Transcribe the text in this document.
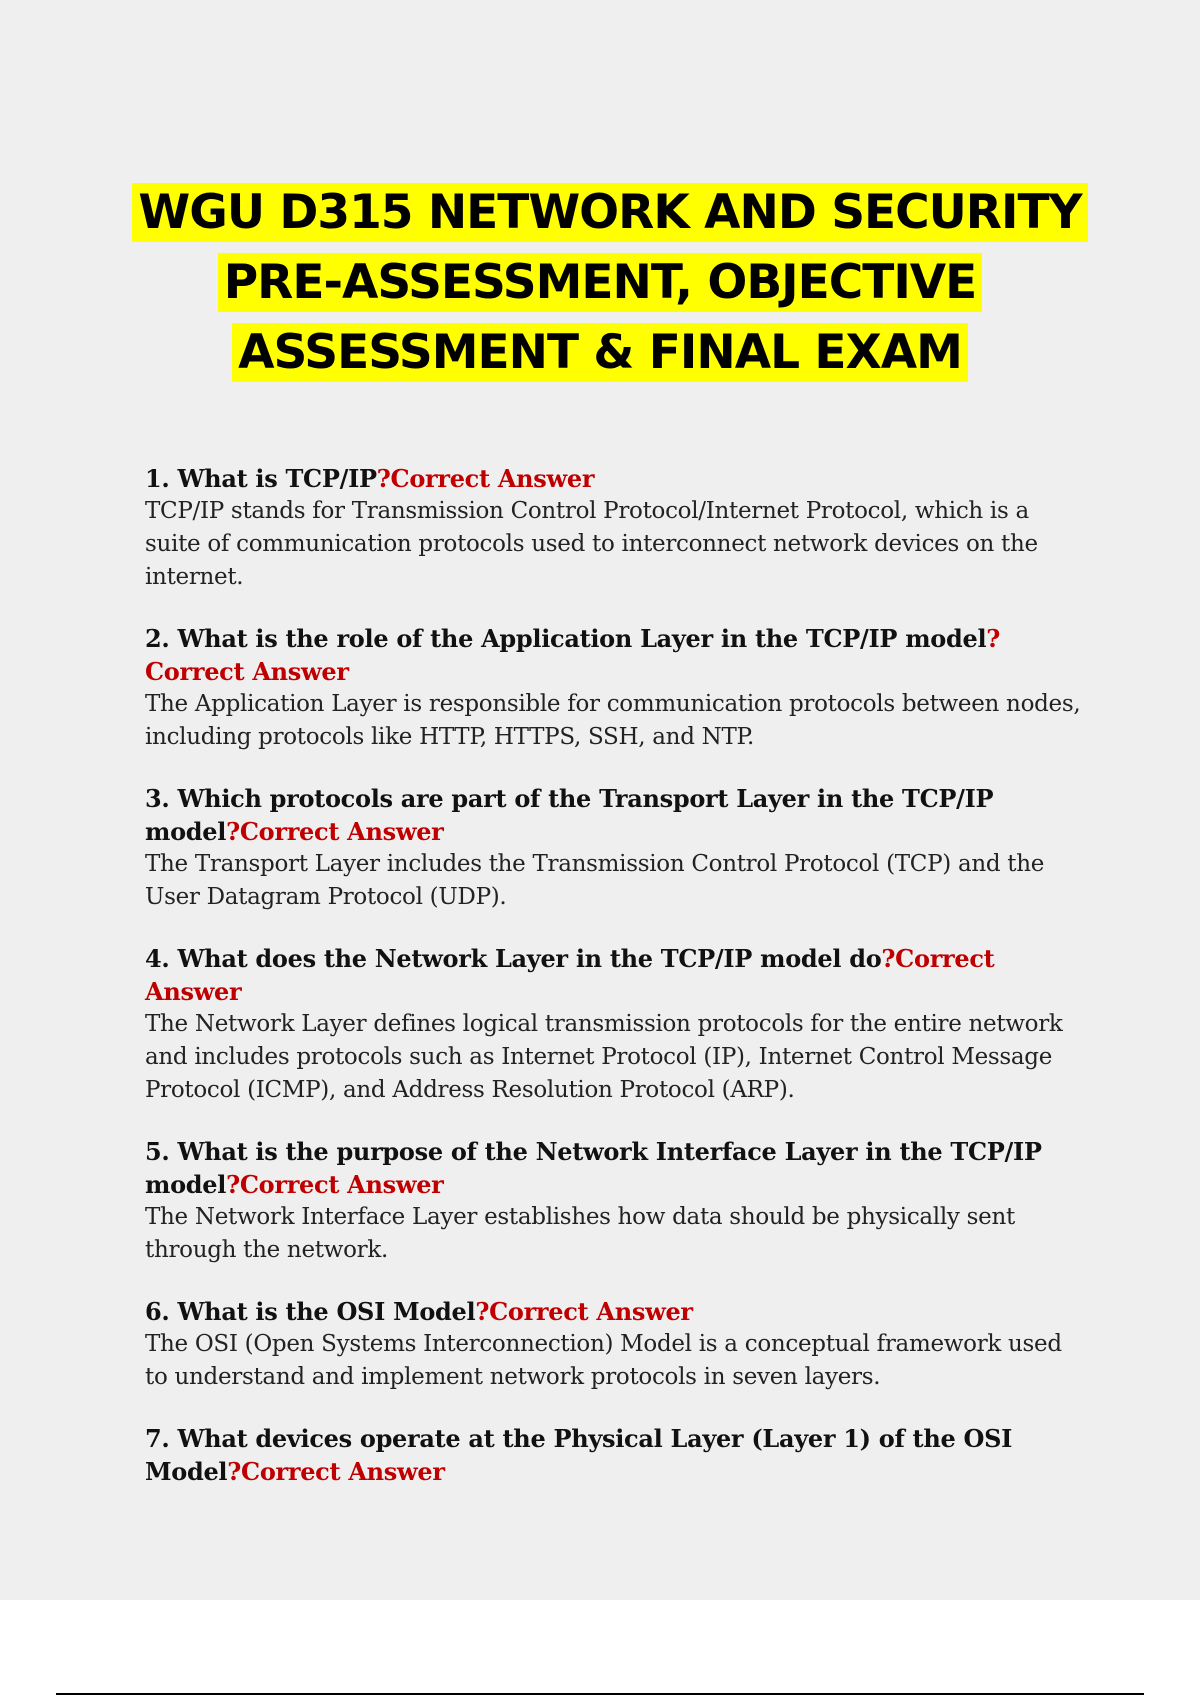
WGU D315 NETWORK AND SECURITY
PRE-ASSESSMENT, OBJECTIVE
ASSESSMENT & FINAL EXAM
1. What is TCP/IP?Correct Answer
TCP/IP stands for Transmission Control Protocol/Internet Protocol, which is a suite of communication protocols used to interconnect network devices on the internet.
2. What is the role of the Application Layer in the TCP/IP model?Correct Answer
The Application Layer is responsible for communication protocols between nodes, including protocols like HTTP, HTTPS, SSH, and NTP.
3. Which protocols are part of the Transport Layer in the TCP/IP model?Correct Answer
The Transport Layer includes the Transmission Control Protocol (TCP) and the User Datagram Protocol (UDP).
4. What does the Network Layer in the TCP/IP model do?Correct Answer
The Network Layer defines logical transmission protocols for the entire network and includes protocols such as Internet Protocol (IP), Internet Control Message Protocol (ICMP), and Address Resolution Protocol (ARP).
5. What is the purpose of the Network Interface Layer in the TCP/IP model?Correct Answer
The Network Interface Layer establishes how data should be physically sent through the network.
6. What is the OSI Model?Correct Answer
The OSI (Open Systems Interconnection) Model is a conceptual framework used to understand and implement network protocols in seven layers.
7. What devices operate at the Physical Layer (Layer 1) of the OSI Model?Correct Answer
